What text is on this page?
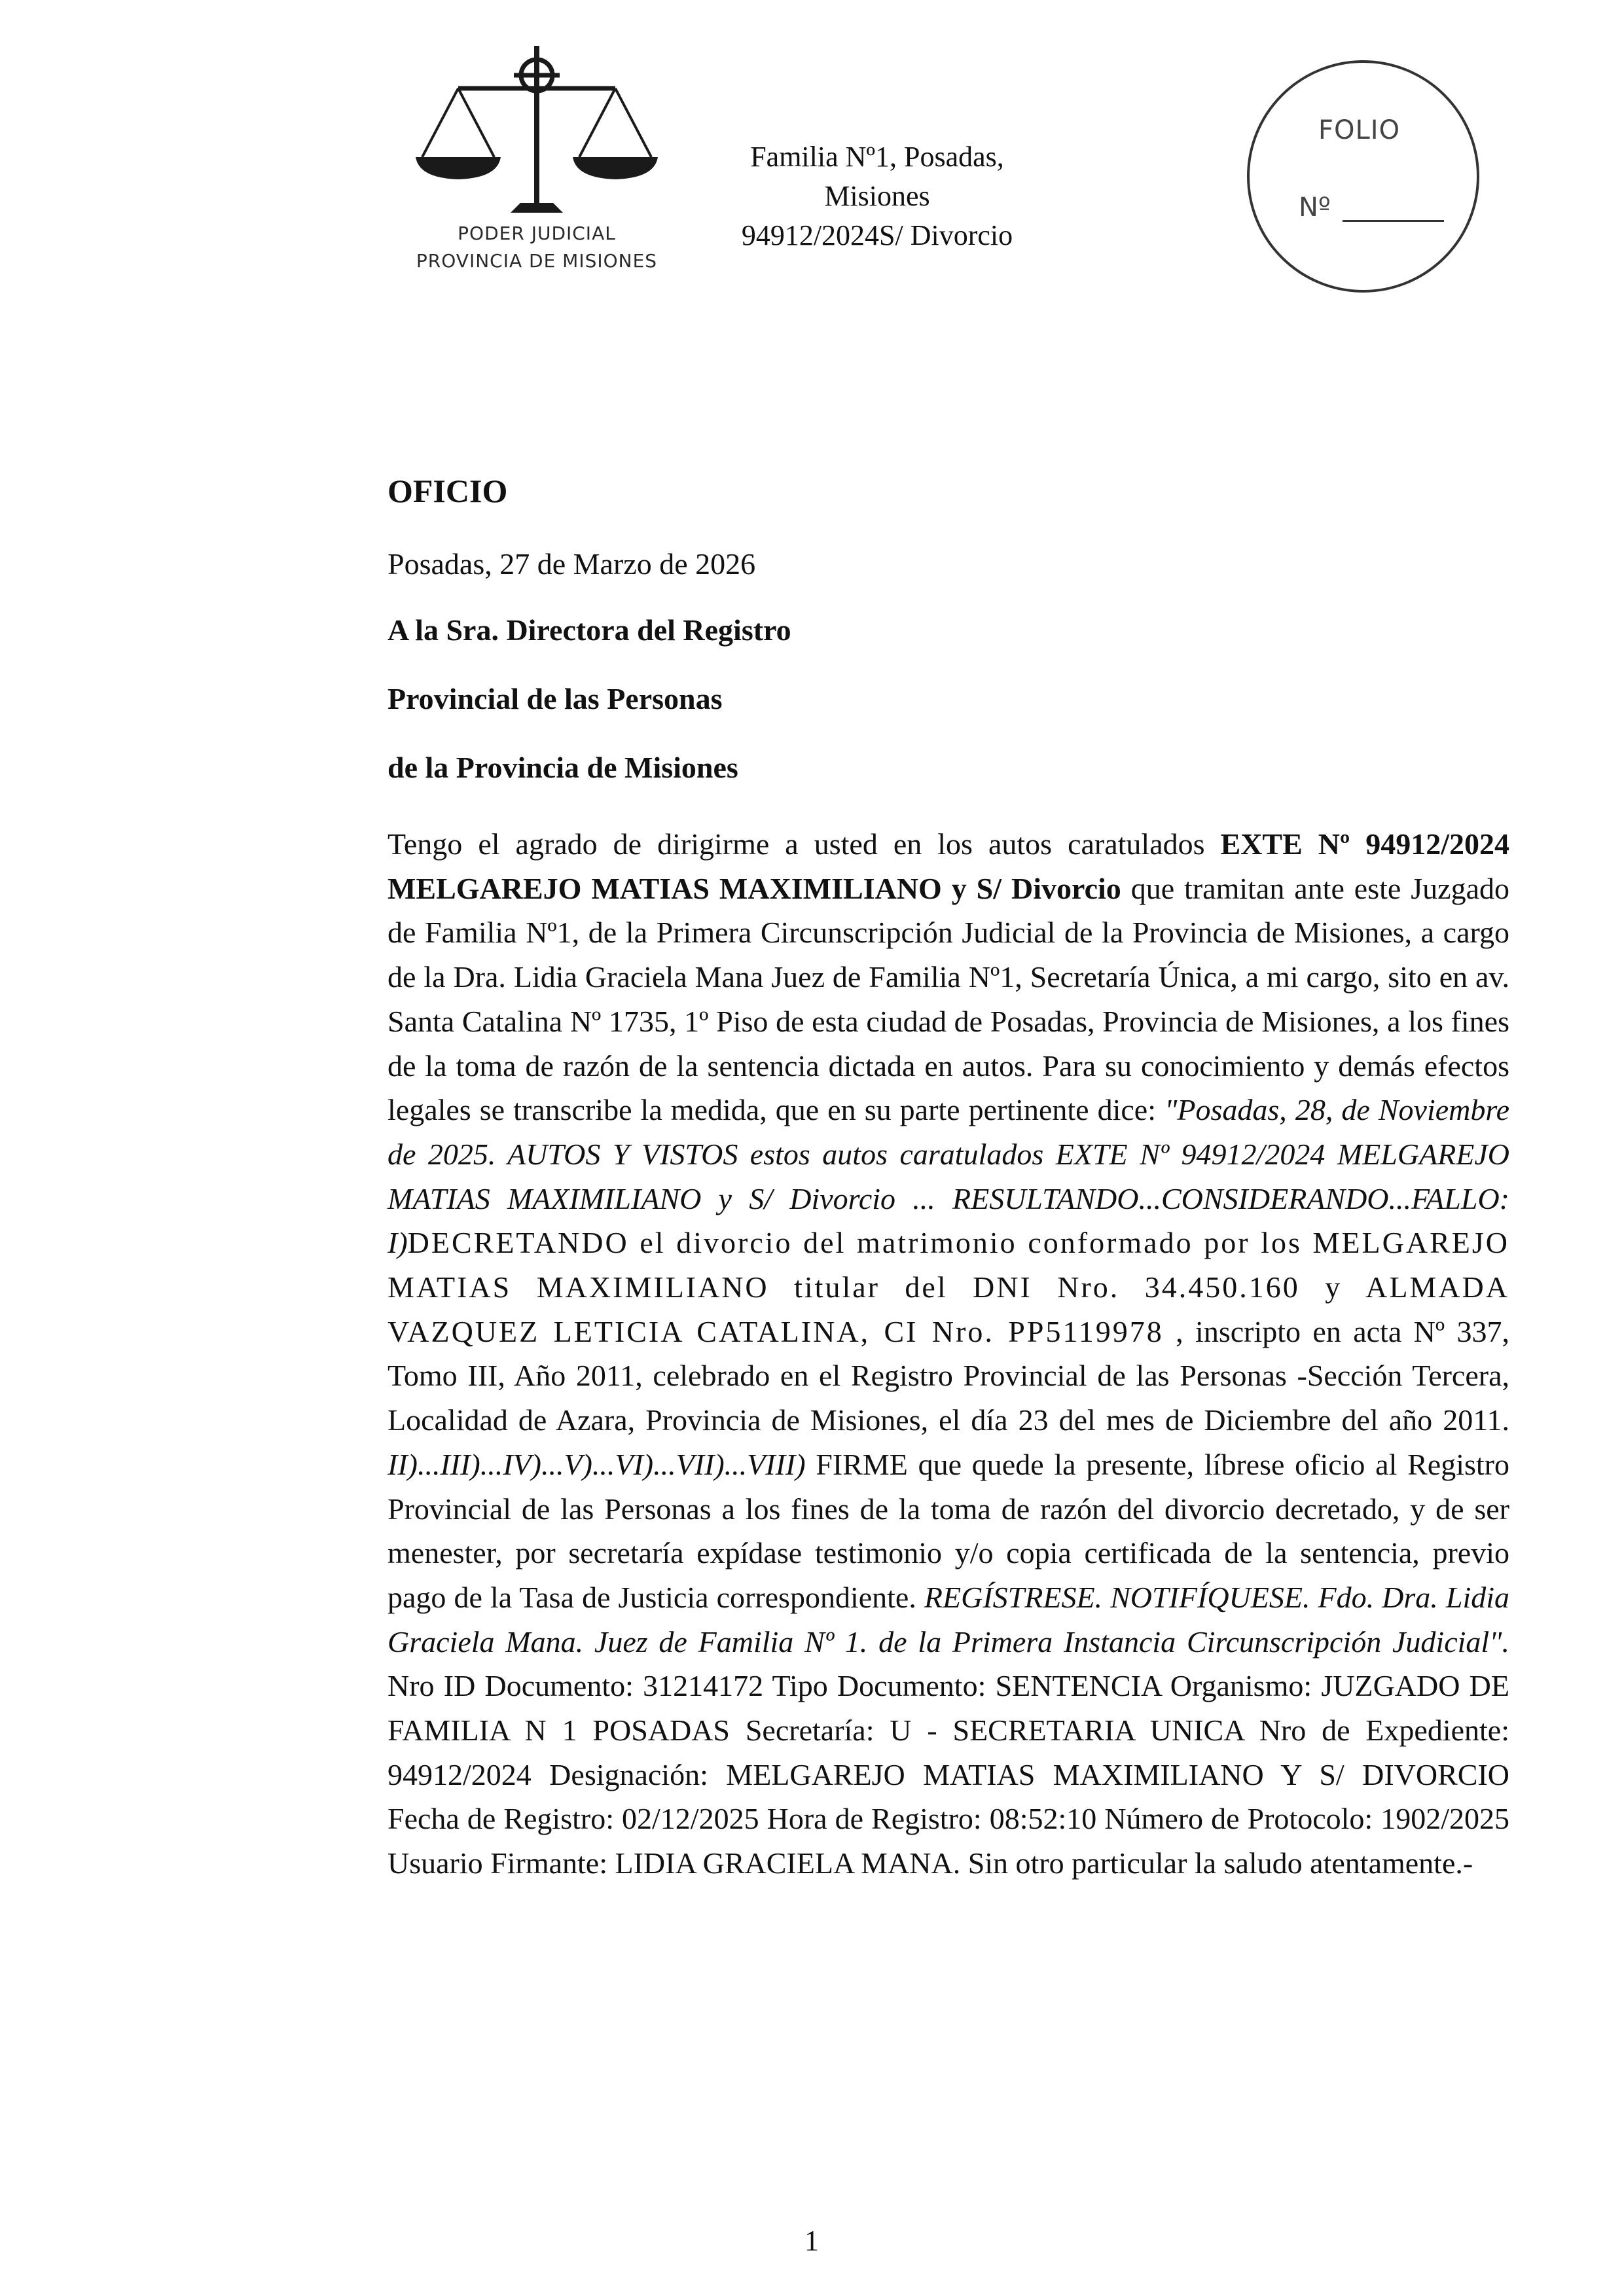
PODER JUDICIAL
PROVINCIA DE MISIONES
Familia Nº1, Posadas, Misiones
94912/2024S/ Divorcio
FOLIO
Nº
OFICIO
Posadas, 27 de Marzo de 2026
A la Sra. Directora del Registro
Provincial de las Personas
de la Provincia de Misiones

Tengo el agrado de dirigirme a usted en los autos caratulados EXTE Nº 94912/2024 MELGAREJO MATIAS MAXIMILIANO y S/ Divorcio que tramitan ante este Juzgado de Familia Nº1, de la Primera Circunscripción Judicial de la Provincia de Misiones, a cargo de la Dra. Lidia Graciela Mana Juez de Familia Nº1, Secretaría Única, a mi cargo, sito en av. Santa Catalina Nº 1735, 1º Piso de esta ciudad de Posadas, Provincia de Misiones, a los fines de la toma de razón de la sentencia dictada en autos. Para su conocimiento y demás efectos legales se transcribe la medida, que en su parte pertinente dice: "Posadas, 28, de Noviembre de 2025. AUTOS Y VISTOS estos autos caratulados EXTE Nº 94912/2024 MELGAREJO MATIAS MAXIMILIANO y S/ Divorcio ... RESULTANDO...CONSIDERANDO...FALLO: I)DECRETANDO el divorcio del matrimonio conformado por los MELGAREJO MATIAS MAXIMILIANO titular del DNI Nro. 34.450.160 y ALMADA VAZQUEZ LETICIA CATALINA, CI Nro. PP5119978 , inscripto en acta Nº 337, Tomo III, Año 2011, celebrado en el Registro Provincial de las Personas -Sección Tercera, Localidad de Azara, Provincia de Misiones, el día 23 del mes de Diciembre del año 2011. II)...III)...IV)...V)...VI)...VII)...VIII) FIRME que quede la presente, líbrese oficio al Registro Provincial de las Personas a los fines de la toma de razón del divorcio decretado, y de ser menester, por secretaría expídase testimonio y/o copia certificada de la sentencia, previo pago de la Tasa de Justicia correspondiente. REGÍSTRESE. NOTIFÍQUESE. Fdo. Dra. Lidia Graciela Mana. Juez de Familia Nº 1. de la Primera Instancia Circunscripción Judicial". Nro ID Documento: 31214172 Tipo Documento: SENTENCIA Organismo: JUZGADO DE FAMILIA N 1 POSADAS Secretaría: U - SECRETARIA UNICA Nro de Expediente: 94912/2024 Designación: MELGAREJO MATIAS MAXIMILIANO Y S/ DIVORCIO Fecha de Registro: 02/12/2025 Hora de Registro: 08:52:10 Número de Protocolo: 1902/2025 Usuario Firmante: LIDIA GRACIELA MANA. Sin otro particular la saludo atentamente.-

1
